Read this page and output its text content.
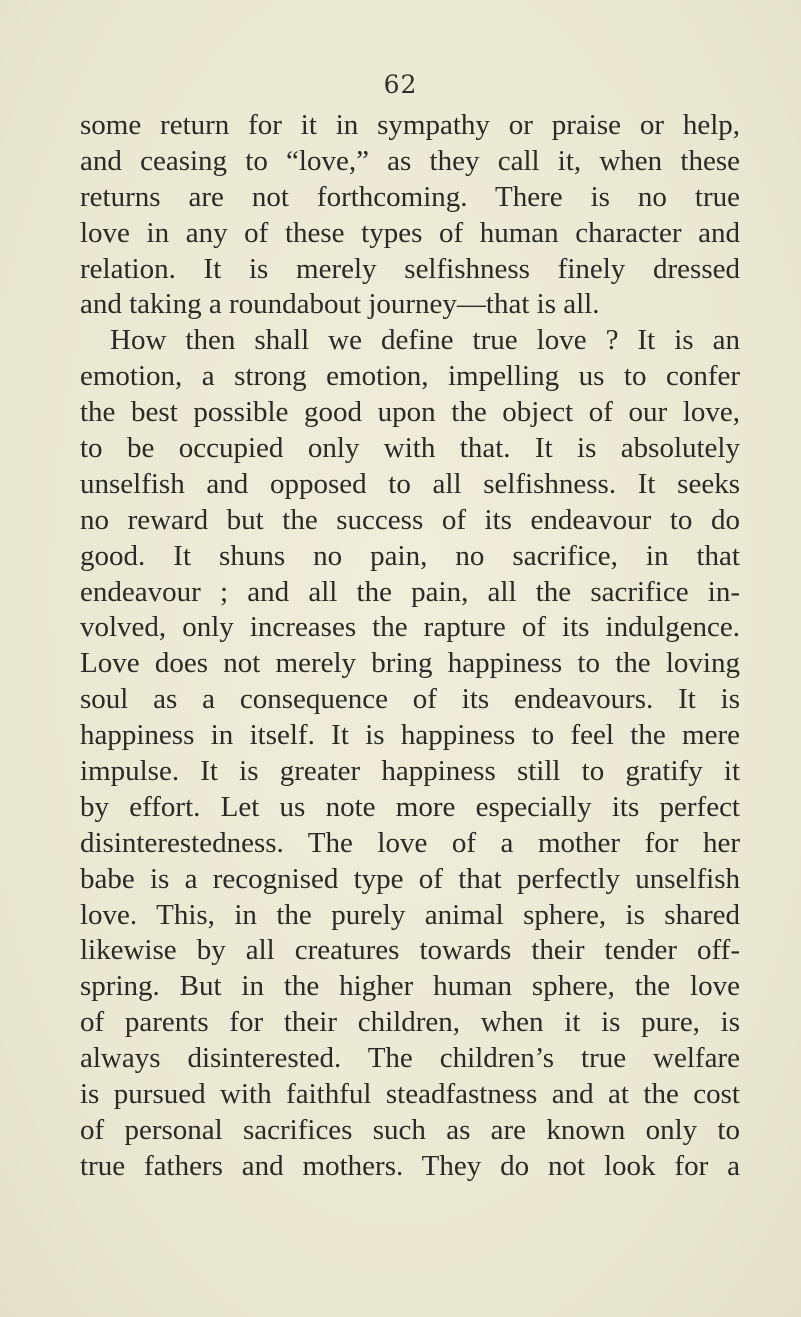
62
some return for it in sympathy or praise or help,
and ceasing to “love,” as they call it, when these
returns are not forthcoming. There is no true
love in any of these types of human character and
relation. It is merely selfishness finely dressed
and taking a roundabout journey—that is all.
How then shall we define true love ? It is an
emotion, a strong emotion, impelling us to confer
the best possible good upon the object of our love,
to be occupied only with that. It is absolutely
unselfish and opposed to all selfishness. It seeks
no reward but the success of its endeavour to do
good. It shuns no pain, no sacrifice, in that
endeavour ; and all the pain, all the sacrifice in-
volved, only increases the rapture of its indulgence.
Love does not merely bring happiness to the loving
soul as a consequence of its endeavours. It is
happiness in itself. It is happiness to feel the mere
impulse. It is greater happiness still to gratify it
by effort. Let us note more especially its perfect
disinterestedness. The love of a mother for her
babe is a recognised type of that perfectly unselfish
love. This, in the purely animal sphere, is shared
likewise by all creatures towards their tender off-
spring. But in the higher human sphere, the love
of parents for their children, when it is pure, is
always disinterested. The children’s true welfare
is pursued with faithful steadfastness and at the cost
of personal sacrifices such as are known only to
true fathers and mothers. They do not look for a
